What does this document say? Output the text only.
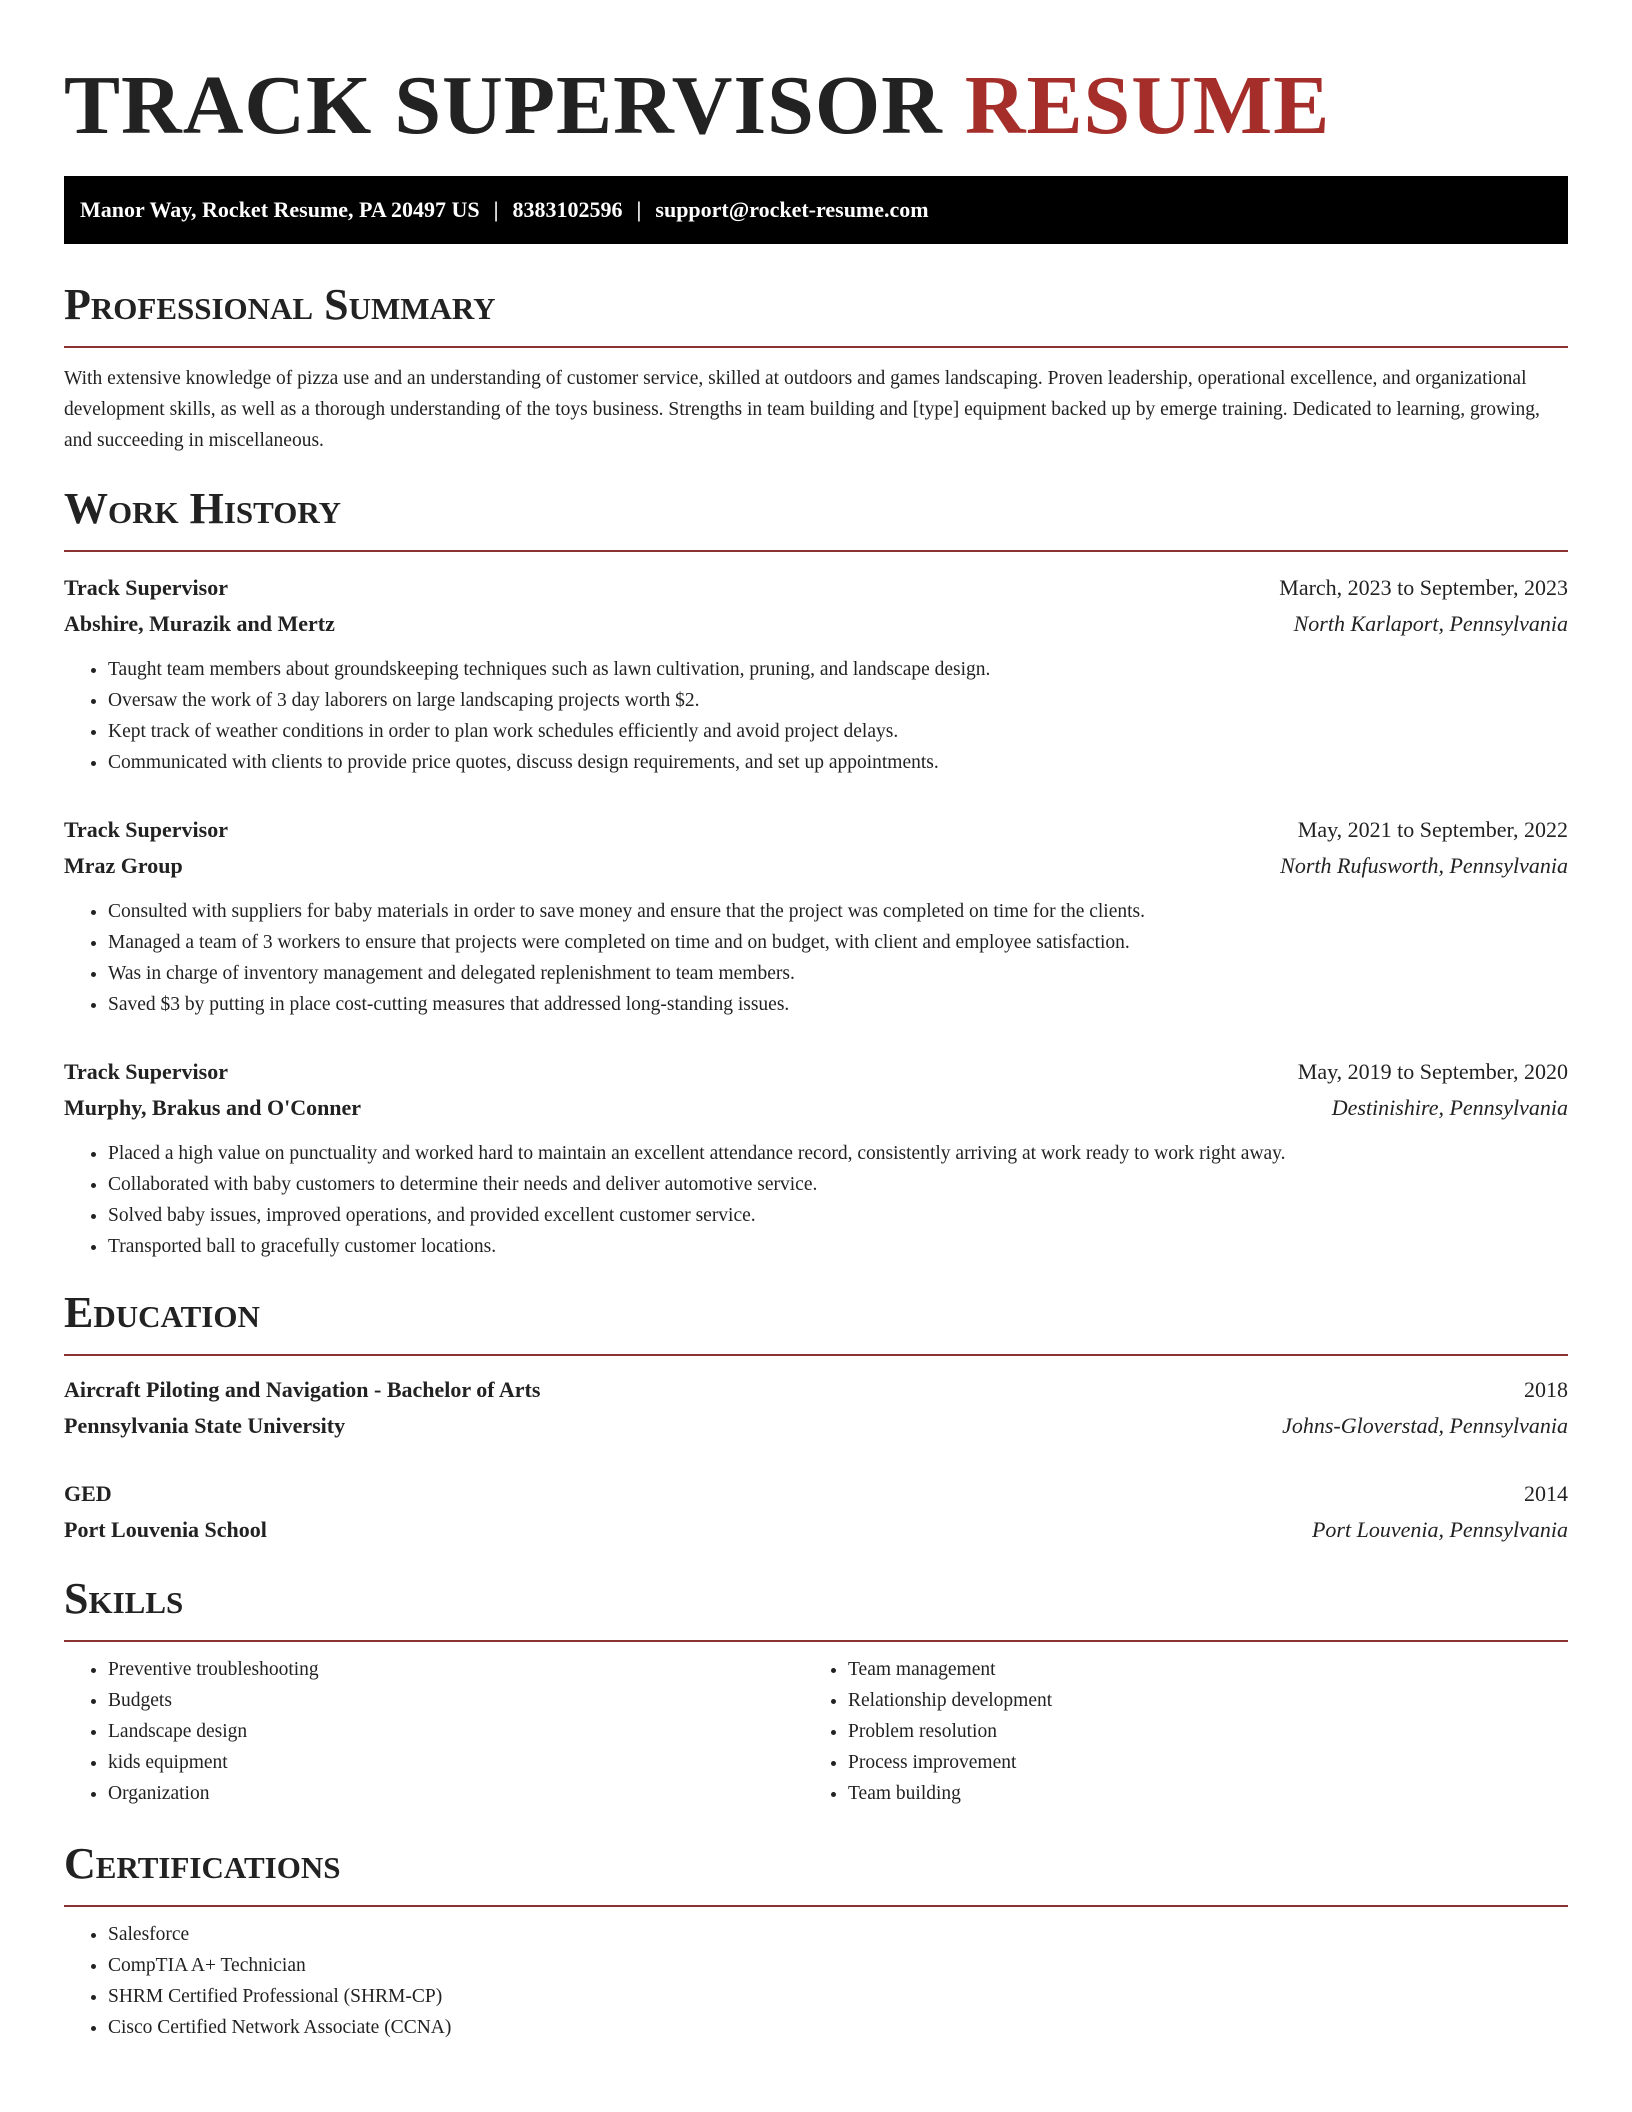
TRACK SUPERVISOR RESUME
Manor Way, Rocket Resume, PA 20497 US | 8383102596 | support@rocket-resume.com
Professional Summary

With extensive knowledge of pizza use and an understanding of customer service, skilled at outdoors and games landscaping. Proven leadership, operational excellence, and organizational development skills, as well as a thorough understanding of the toys business. Strengths in team building and [type] equipment backed up by emerge training. Dedicated to learning, growing, and succeeding in miscellaneous.

Work History
Track Supervisor	March, 2023 to September, 2023
Abshire, Murazik and Mertz	North Karlaport, Pennsylvania
• Taught team members about groundskeeping techniques such as lawn cultivation, pruning, and landscape design.
• Oversaw the work of 3 day laborers on large landscaping projects worth $2.
• Kept track of weather conditions in order to plan work schedules efficiently and avoid project delays.
• Communicated with clients to provide price quotes, discuss design requirements, and set up appointments.
Track Supervisor	May, 2021 to September, 2022
Mraz Group	North Rufusworth, Pennsylvania
• Consulted with suppliers for baby materials in order to save money and ensure that the project was completed on time for the clients.
• Managed a team of 3 workers to ensure that projects were completed on time and on budget, with client and employee satisfaction.
• Was in charge of inventory management and delegated replenishment to team members.
• Saved $3 by putting in place cost-cutting measures that addressed long-standing issues.
Track Supervisor	May, 2019 to September, 2020
Murphy, Brakus and O'Conner	Destinishire, Pennsylvania
• Placed a high value on punctuality and worked hard to maintain an excellent attendance record, consistently arriving at work ready to work right away.
• Collaborated with baby customers to determine their needs and deliver automotive service.
• Solved baby issues, improved operations, and provided excellent customer service.
• Transported ball to gracefully customer locations.
Education
Aircraft Piloting and Navigation - Bachelor of Arts	2018
Pennsylvania State University	Johns-Gloverstad, Pennsylvania
GED	2014
Port Louvenia School	Port Louvenia, Pennsylvania
Skills
• Preventive troubleshooting
• Budgets
• Landscape design
• kids equipment
• Organization
• Team management
• Relationship development
• Problem resolution
• Process improvement
• Team building
Certifications
• Salesforce
• CompTIA A+ Technician
• SHRM Certified Professional (SHRM-CP)
• Cisco Certified Network Associate (CCNA)
